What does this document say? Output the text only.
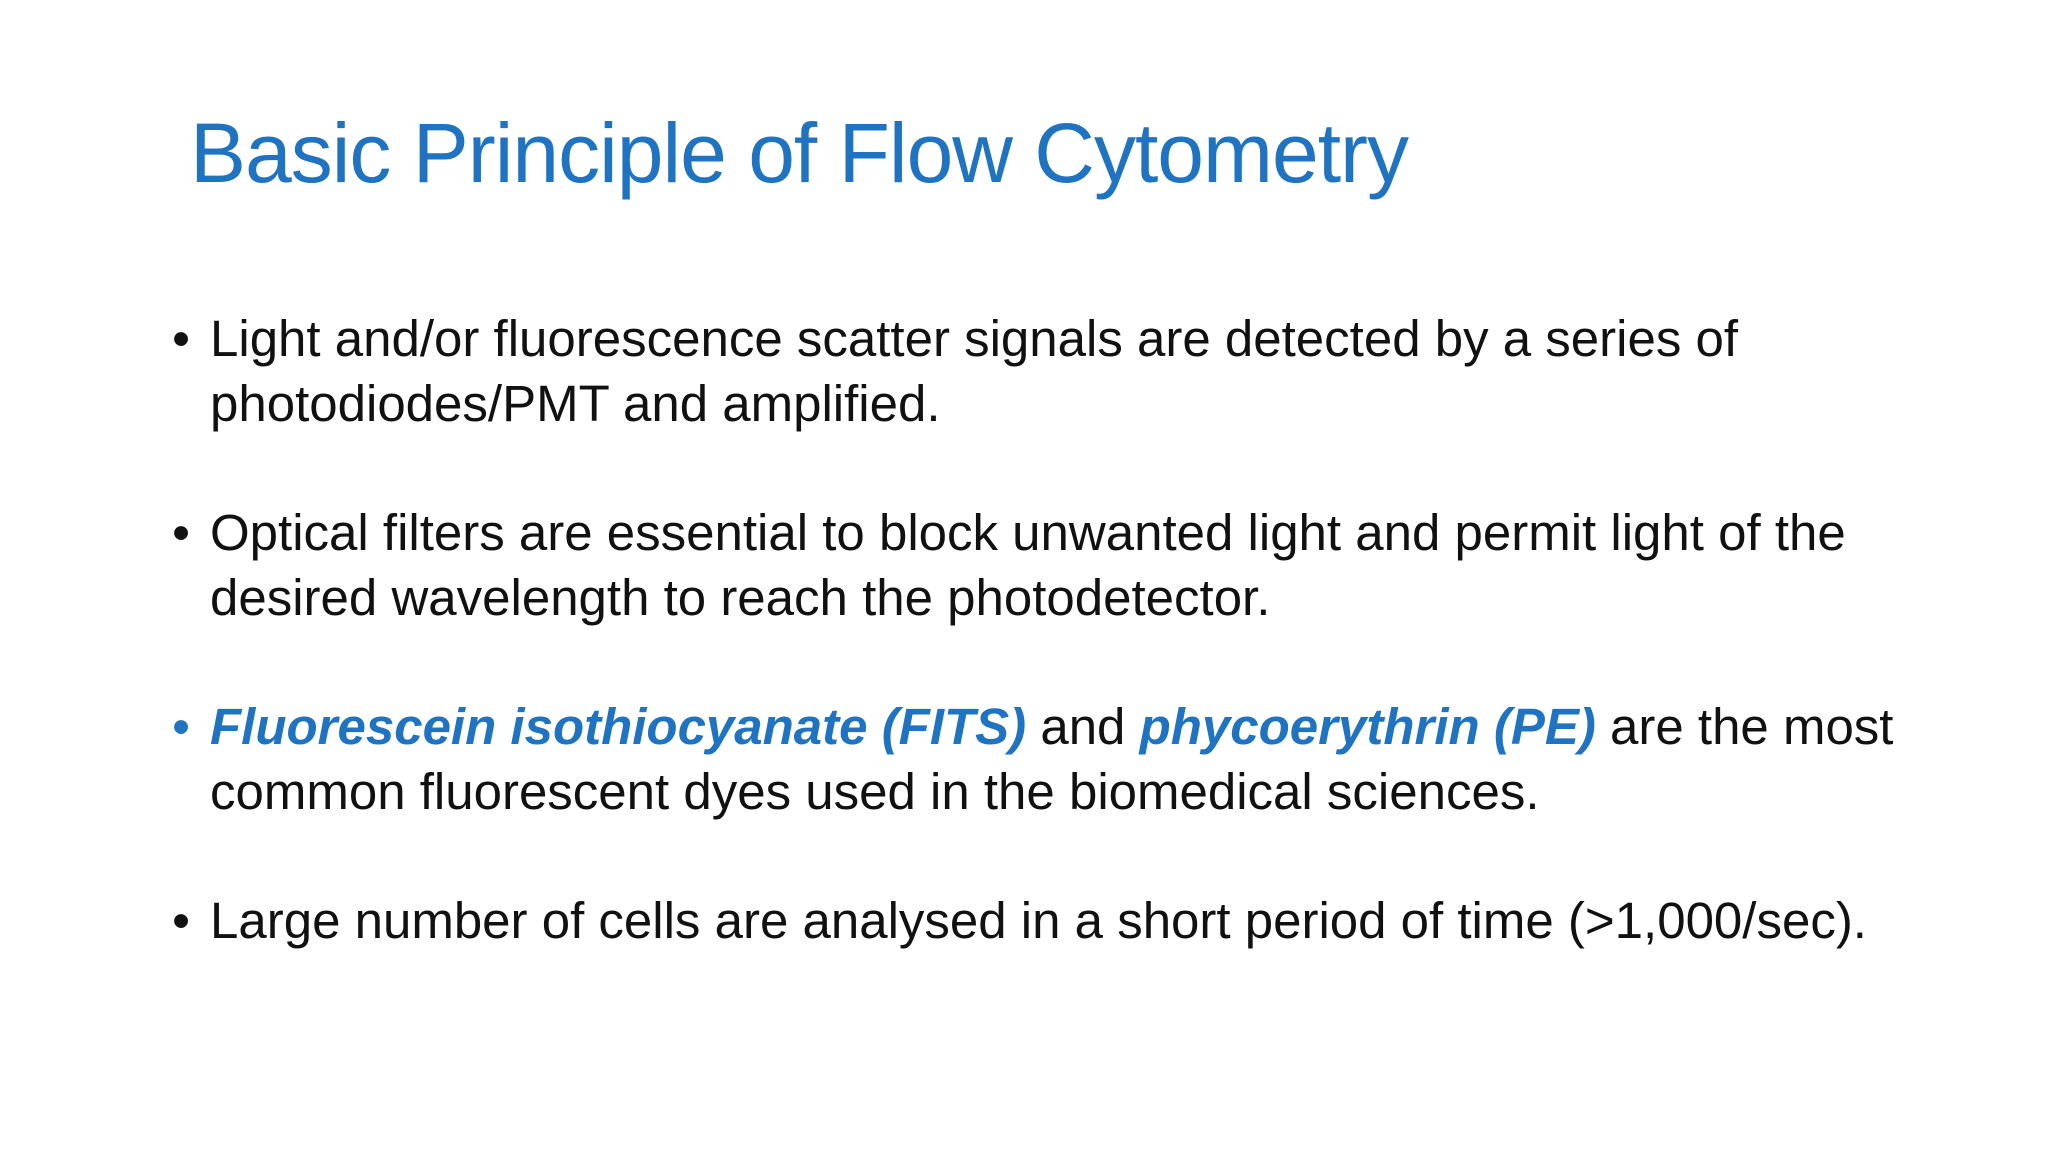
Basic Principle of Flow Cytometry
• Light and/or fluorescence scatter signals are detected by a series of photodiodes/PMT and amplified.
• Optical filters are essential to block unwanted light and permit light of the desired wavelength to reach the photodetector.
• Fluorescein isothiocyanate (FITS) and phycoerythrin (PE) are the most common fluorescent dyes used in the biomedical sciences.
• Large number of cells are analysed in a short period of time (>1,000/sec).
